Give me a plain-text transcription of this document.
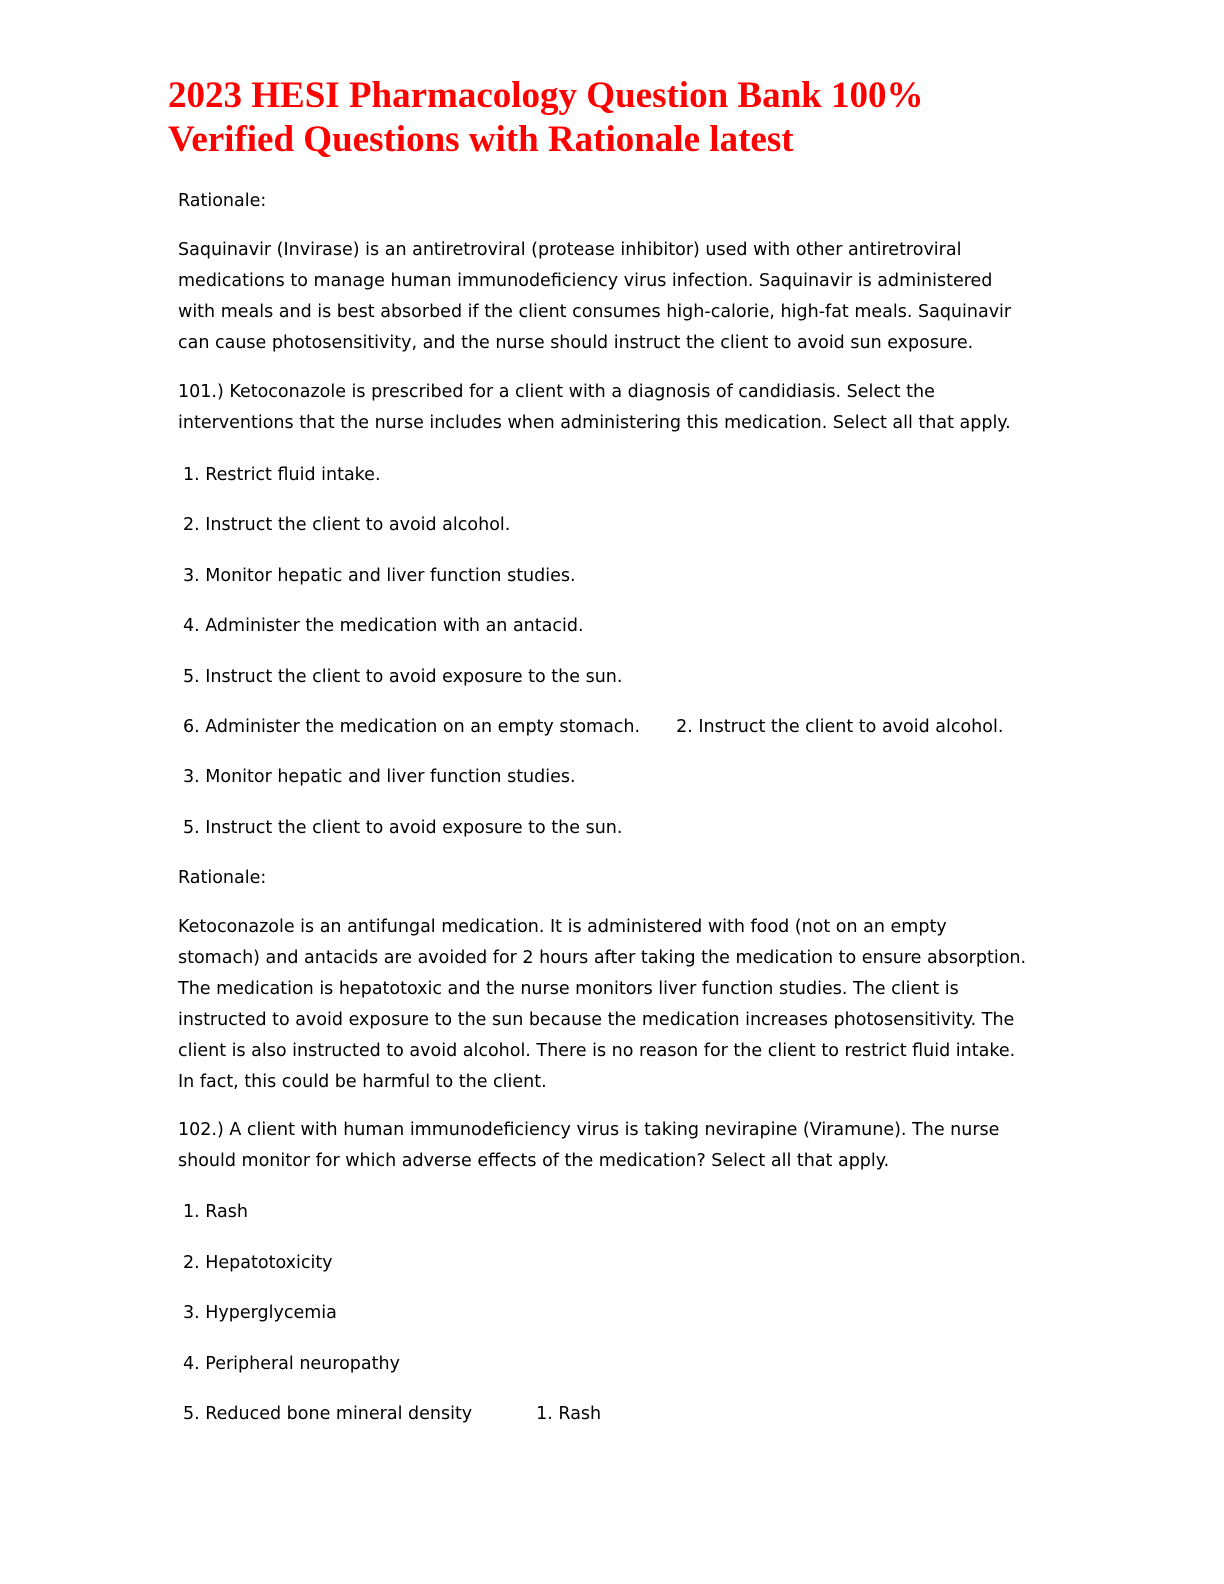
2023 HESI Pharmacology Question Bank 100%
Verified Questions with Rationale latest

Rationale:

Saquinavir (Invirase) is an antiretroviral (protease inhibitor) used with other antiretroviral
medications to manage human immunodeficiency virus infection. Saquinavir is administered
with meals and is best absorbed if the client consumes high-calorie, high-fat meals. Saquinavir
can cause photosensitivity, and the nurse should instruct the client to avoid sun exposure.

101.) Ketoconazole is prescribed for a client with a diagnosis of candidiasis. Select the
interventions that the nurse includes when administering this medication. Select all that apply.

1. Restrict fluid intake.

2. Instruct the client to avoid alcohol.

3. Monitor hepatic and liver function studies.

4. Administer the medication with an antacid.

5. Instruct the client to avoid exposure to the sun.

6. Administer the medication on an empty stomach. 2. Instruct the client to avoid alcohol.

3. Monitor hepatic and liver function studies.

5. Instruct the client to avoid exposure to the sun.

Rationale:

Ketoconazole is an antifungal medication. It is administered with food (not on an empty
stomach) and antacids are avoided for 2 hours after taking the medication to ensure absorption.
The medication is hepatotoxic and the nurse monitors liver function studies. The client is
instructed to avoid exposure to the sun because the medication increases photosensitivity. The
client is also instructed to avoid alcohol. There is no reason for the client to restrict fluid intake.
In fact, this could be harmful to the client.

102.) A client with human immunodeficiency virus is taking nevirapine (Viramune). The nurse
should monitor for which adverse effects of the medication? Select all that apply.

1. Rash

2. Hepatotoxicity

3. Hyperglycemia

4. Peripheral neuropathy

5. Reduced bone mineral density	1. Rash
